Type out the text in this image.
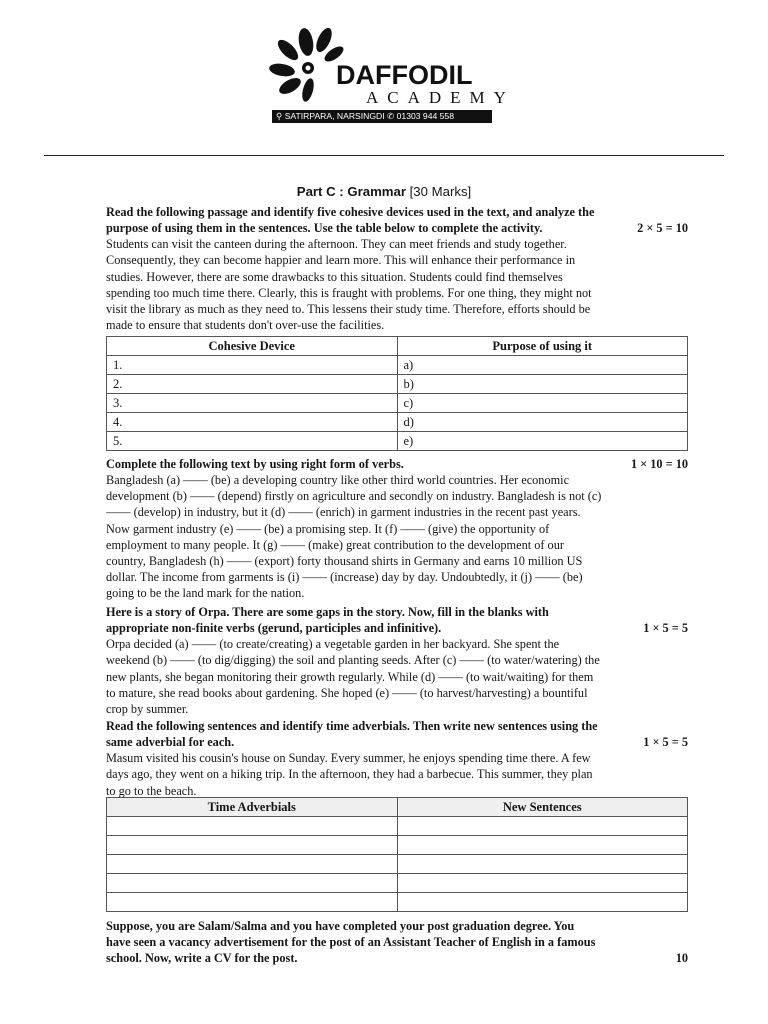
DAFFODIL
ACADEMY
⚲ SATIRPARA, NARSINGDI ✆ 01303 944 558
Part C : Grammar [30 Marks]
Read the following passage and identify five cohesive devices used in the text, and analyze the
purpose of using them in the sentences. Use the table below to complete the activity.	2 × 5 = 10
Students can visit the canteen during the afternoon. They can meet friends and study together.
Consequently, they can become happier and learn more. This will enhance their performance in
studies. However, there are some drawbacks to this situation. Students could find themselves
spending too much time there. Clearly, this is fraught with problems. For one thing, they might not
visit the library as much as they need to. This lessens their study time. Therefore, efforts should be
made to ensure that students don't over-use the facilities.
Cohesive Device	Purpose of using it
1.	a)
2.	b)
3.	c)
4.	d)
5.	e)
Complete the following text by using right form of verbs.	1 × 10 = 10
Bangladesh (a) —— (be) a developing country like other third world countries. Her economic
development (b) —— (depend) firstly on agriculture and secondly on industry. Bangladesh is not (c)
—— (develop) in industry, but it (d) —— (enrich) in garment industries in the recent past years.
Now garment industry (e) —— (be) a promising step. It (f) —— (give) the opportunity of
employment to many people. It (g) —— (make) great contribution to the development of our
country, Bangladesh (h) —— (export) forty thousand shirts in Germany and earns 10 million US
dollar. The income from garments is (i) —— (increase) day by day. Undoubtedly, it (j) —— (be)
going to be the land mark for the nation.
Here is a story of Orpa. There are some gaps in the story. Now, fill in the blanks with
appropriate non-finite verbs (gerund, participles and infinitive).	1 × 5 = 5
Orpa decided (a) —— (to create/creating) a vegetable garden in her backyard. She spent the
weekend (b) —— (to dig/digging) the soil and planting seeds. After (c) —— (to water/watering) the
new plants, she began monitoring their growth regularly. While (d) —— (to wait/waiting) for them
to mature, she read books about gardening. She hoped (e) —— (to harvest/harvesting) a bountiful
crop by summer.
Read the following sentences and identify time adverbials. Then write new sentences using the
same adverbial for each.	1 × 5 = 5
Masum visited his cousin's house on Sunday. Every summer, he enjoys spending time there. A few
days ago, they went on a hiking trip. In the afternoon, they had a barbecue. This summer, they plan
to go to the beach.
Time Adverbials	New Sentences

Suppose, you are Salam/Salma and you have completed your post graduation degree. You
have seen a vacancy advertisement for the post of an Assistant Teacher of English in a famous
school. Now, write a CV for the post.	10
